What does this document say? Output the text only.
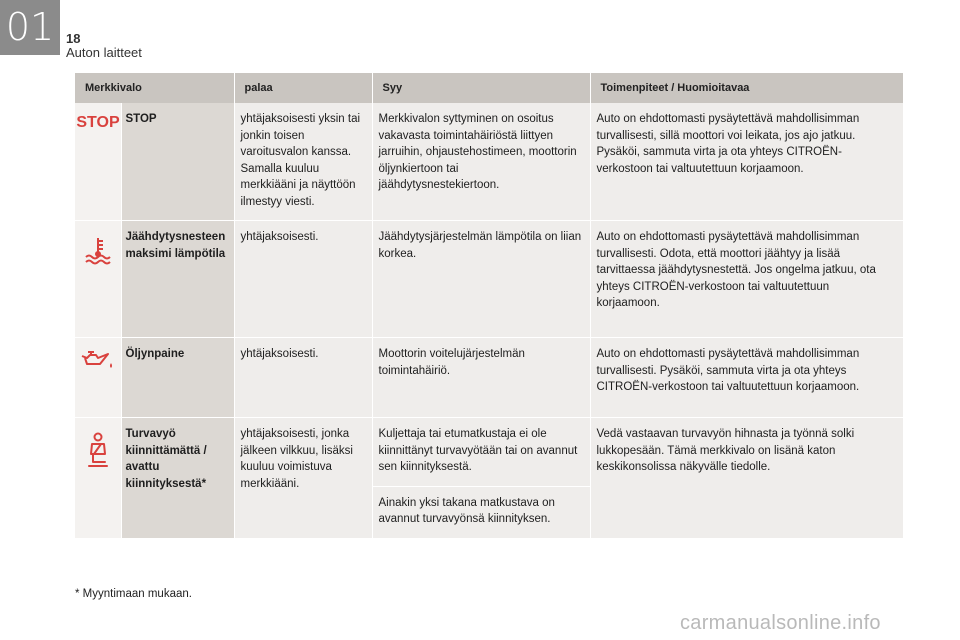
01 18
Auton laitteet
Merkkivalo		palaa	Syy	Toimenpiteet / Huomioitavaa

STOP	STOP	yhtäjaksoisesti yksin tai jonkin toisen varoitusvalon kanssa. Samalla kuuluu merkkiääni ja näyttöön ilmestyy viesti.	Merkkivalon syttyminen on osoitus vakavasta toimintahäiriöstä liittyen jarruihin, ohjaustehostimeen, moottorin öljynkiertoon tai jäähdytysnestekiertoon.	Auto on ehdottomasti pysäytettävä mahdollisimman turvallisesti, sillä moottori voi leikata, jos ajo jatkuu. Pysäköi, sammuta virta ja ota yhteys CITROËN-verkostoon tai valtuutettuun korjaamoon.

	Jäähdytysnesteen maksimi lämpötila	yhtäjaksoisesti.	Jäähdytysjärjestelmän lämpötila on liian korkea.	Auto on ehdottomasti pysäytettävä mahdollisimman turvallisesti. Odota, että moottori jäähtyy ja lisää tarvittaessa jäähdytysnestettä. Jos ongelma jatkuu, ota yhteys CITROËN-verkostoon tai valtuutettuun korjaamoon.

	Öljynpaine	yhtäjaksoisesti.	Moottorin voitelujärjestelmän toimintahäiriö.	Auto on ehdottomasti pysäytettävä mahdollisimman turvallisesti. Pysäköi, sammuta virta ja ota yhteys CITROËN-verkostoon tai valtuutettuun korjaamoon.

	Turvavyö kiinnittämättä / avattu kiinnityksestä*	yhtäjaksoisesti, jonka jälkeen vilkkuu, lisäksi kuuluu voimistuva merkkiääni.	Kuljettaja tai etumatkustaja ei ole kiinnittänyt turvavyötään tai on avannut sen kiinnityksestä.	Vedä vastaavan turvavyön hihnasta ja työnnä solki lukkopesään. Tämä merkkivalo on lisänä katon keskikonsolissa näkyvälle tiedolle.
			Ainakin yksi takana matkustava on avannut turvavyönsä kiinnityksen.	
* Myyntimaan mukaan.
carmanualsonline.info
